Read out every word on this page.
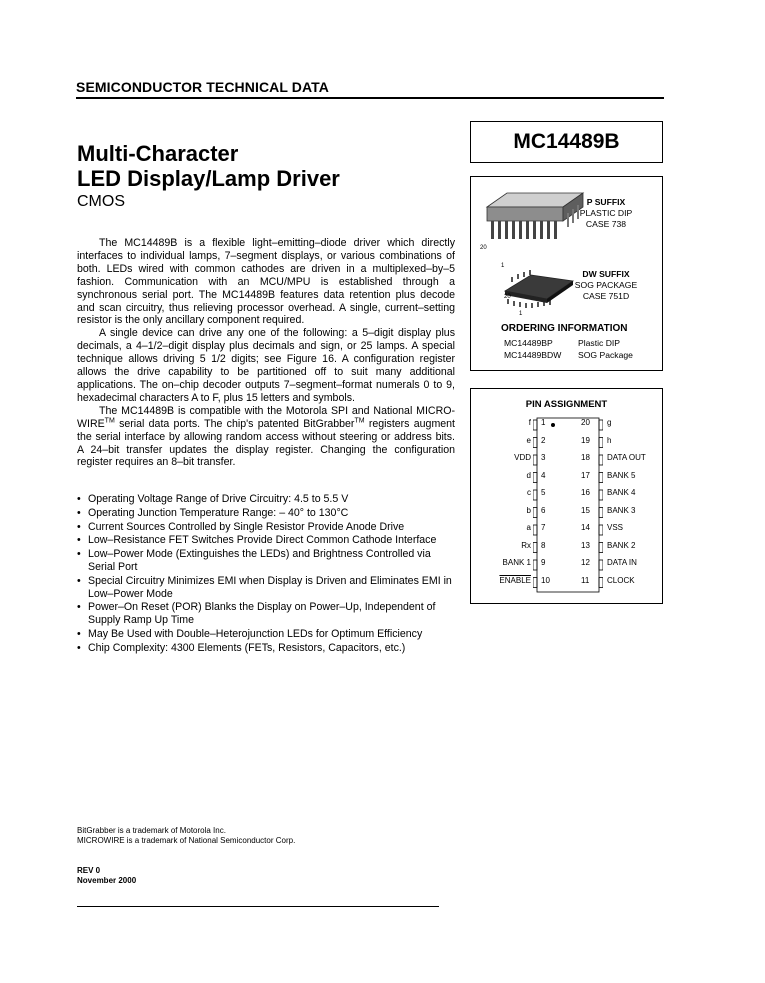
SEMICONDUCTOR TECHNICAL DATA
Multi-Character
LED Display/Lamp Driver
CMOS

The MC14489B is a flexible light–emitting–diode driver which directly interfaces to individual lamps, 7–segment displays, or various combinations of both. LEDs wired with common cathodes are driven in a multiplexed–by–5 fashion. Communication with an MCU/MPU is established through a synchronous serial port. The MC14489B features data retention plus decode and scan circuitry, thus relieving processor overhead. A single, current–setting resistor is the only ancillary component required.

A single device can drive any one of the following: a 5–digit display plus decimals, a 4–1/2–digit display plus decimals and sign, or 25 lamps. A special technique allows driving 5 1/2 digits; see Figure 16. A configuration register allows the drive capability to be partitioned off to suit many additional applications. The on–chip decoder outputs 7–segment–format numerals 0 to 9, hexadecimal characters A to F, plus 15 letters and symbols.

The MC14489B is compatible with the Motorola SPI and National MICRO-WIRE™ serial data ports. The chip's patented BitGrabber™ registers augment the serial interface by allowing random access without steering or address bits. A 24–bit transfer updates the display register. Changing the configuration register requires an 8–bit transfer.

• Operating Voltage Range of Drive Circuitry: 4.5 to 5.5 V
• Operating Junction Temperature Range: – 40° to 130°C
• Current Sources Controlled by Single Resistor Provide Anode Drive
• Low–Resistance FET Switches Provide Direct Common Cathode Interface
• Low–Power Mode (Extinguishes the LEDs) and Brightness Controlled via Serial Port
• Special Circuitry Minimizes EMI when Display is Driven and Eliminates EMI in Low–Power Mode
• Power–On Reset (POR) Blanks the Display on Power–Up, Independent of Supply Ramp Up Time
• May Be Used with Double–Heterojunction LEDs for Optimum Efficiency
• Chip Complexity: 4300 Elements (FETs, Resistors, Capacitors, etc.)
MC14489B
20
1
P SUFFIX
PLASTIC DIP
CASE 738
20
1
DW SUFFIX
SOG PACKAGE
CASE 751D
ORDERING INFORMATION
MC14489BP	Plastic DIP
MC14489BDW SOG Package
PIN ASSIGNMENT
f 1
e 2
VDD 3
d 4
c 5
b 6
a 7
Rx 8
BANK 1 9
ENABLE 10
20 g
19 h
18 DATA OUT
17 BANK 5
16 BANK 4
15 BANK 3
14 VSS
13 BANK 2
12 DATA IN
11 CLOCK
BitGrabber is a trademark of Motorola Inc.
MICROWIRE is a trademark of National Semiconductor Corp.
REV 0
November 2000
